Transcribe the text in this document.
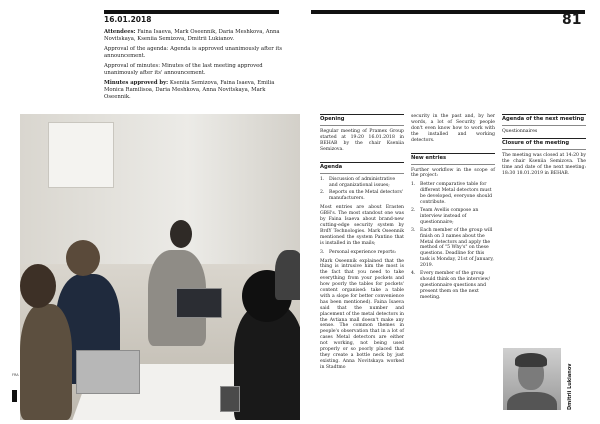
16.01.2018	81

Attendees: Faina Isaeva, Mark Oseennik, Daria Meshkova, Anna Novitskaya, Kseniia Semizova, Dmitrii Lukianov.

Approval of the agenda: Agenda is approved unanimously after its announcement.

Approval of minutes: Minutes of the last meeting approved unanimously after its' announcement.

Minutes approved by: Kseniia Semizova, Faina Isaeva, Emilia Monica Ramilisoa, Daria Meshkova, Anna Novitskaya, Mark Oseennik.

FRA
Opening

Regular meeting of Pramex Group started at 19:20 16.01.2018 in BEHAB by the chair Kseniia Semizova.

Agenda
1. Discussion of administrative and organizational issues;
2. Reports on the Metal detectors' manufacturers.

Most entries are about Erasten GBH's. The most standout one was by Faina Isaeva about brand-new cutting-edge security system by BrdY Technologies. Mark Oseennik mentioned the system Pantino that is installed in the mails;

3. Personal experience reports:

Mark Oseennik explained that the thing is intrusive him the most is the fact that you need to take everything from your pockets and how poorly the tables for pockets' content organised: take a table with a slope for better convenience has been mentioned). Faina Isaeva said that the number and placement of the metal detectors in the Avtiana mall doesn't make any sense. The common themes in people's observation that in a lot of cases Metal detectors are either not working, not being used properly or so poorly placed that they create a bottle neck by just existing. Anna Novitskaya worked in Stadtmo

security in the past and, by her words, a lot of Security people don't even know how to work with the installed and working detectors.

New entries

Further workflow in the scope of the project:

1. Better comparative table for different Metal detectors must be developed, everyone should contribute.
2. Team Avellis compose an interview instead of questionnaire;
3. Each member of the group will finish on 3 names about the Metal detectors and apply the method of "5 Why's" on these questions. Deadline for this task is Monday, 21st of January, 2019.
4. Every member of the group should think on the interview/ questionnaire questions and present them on the next meeting.
Agenda of the next meeting

Questionnaires

Closure of the meeting

The meeting was closed at 14:20 by the chair Kseniia Semizova. The time and date of the next meeting: 18:30 18.01.2019 in BEHAB.

Dmitrii Lukianov
